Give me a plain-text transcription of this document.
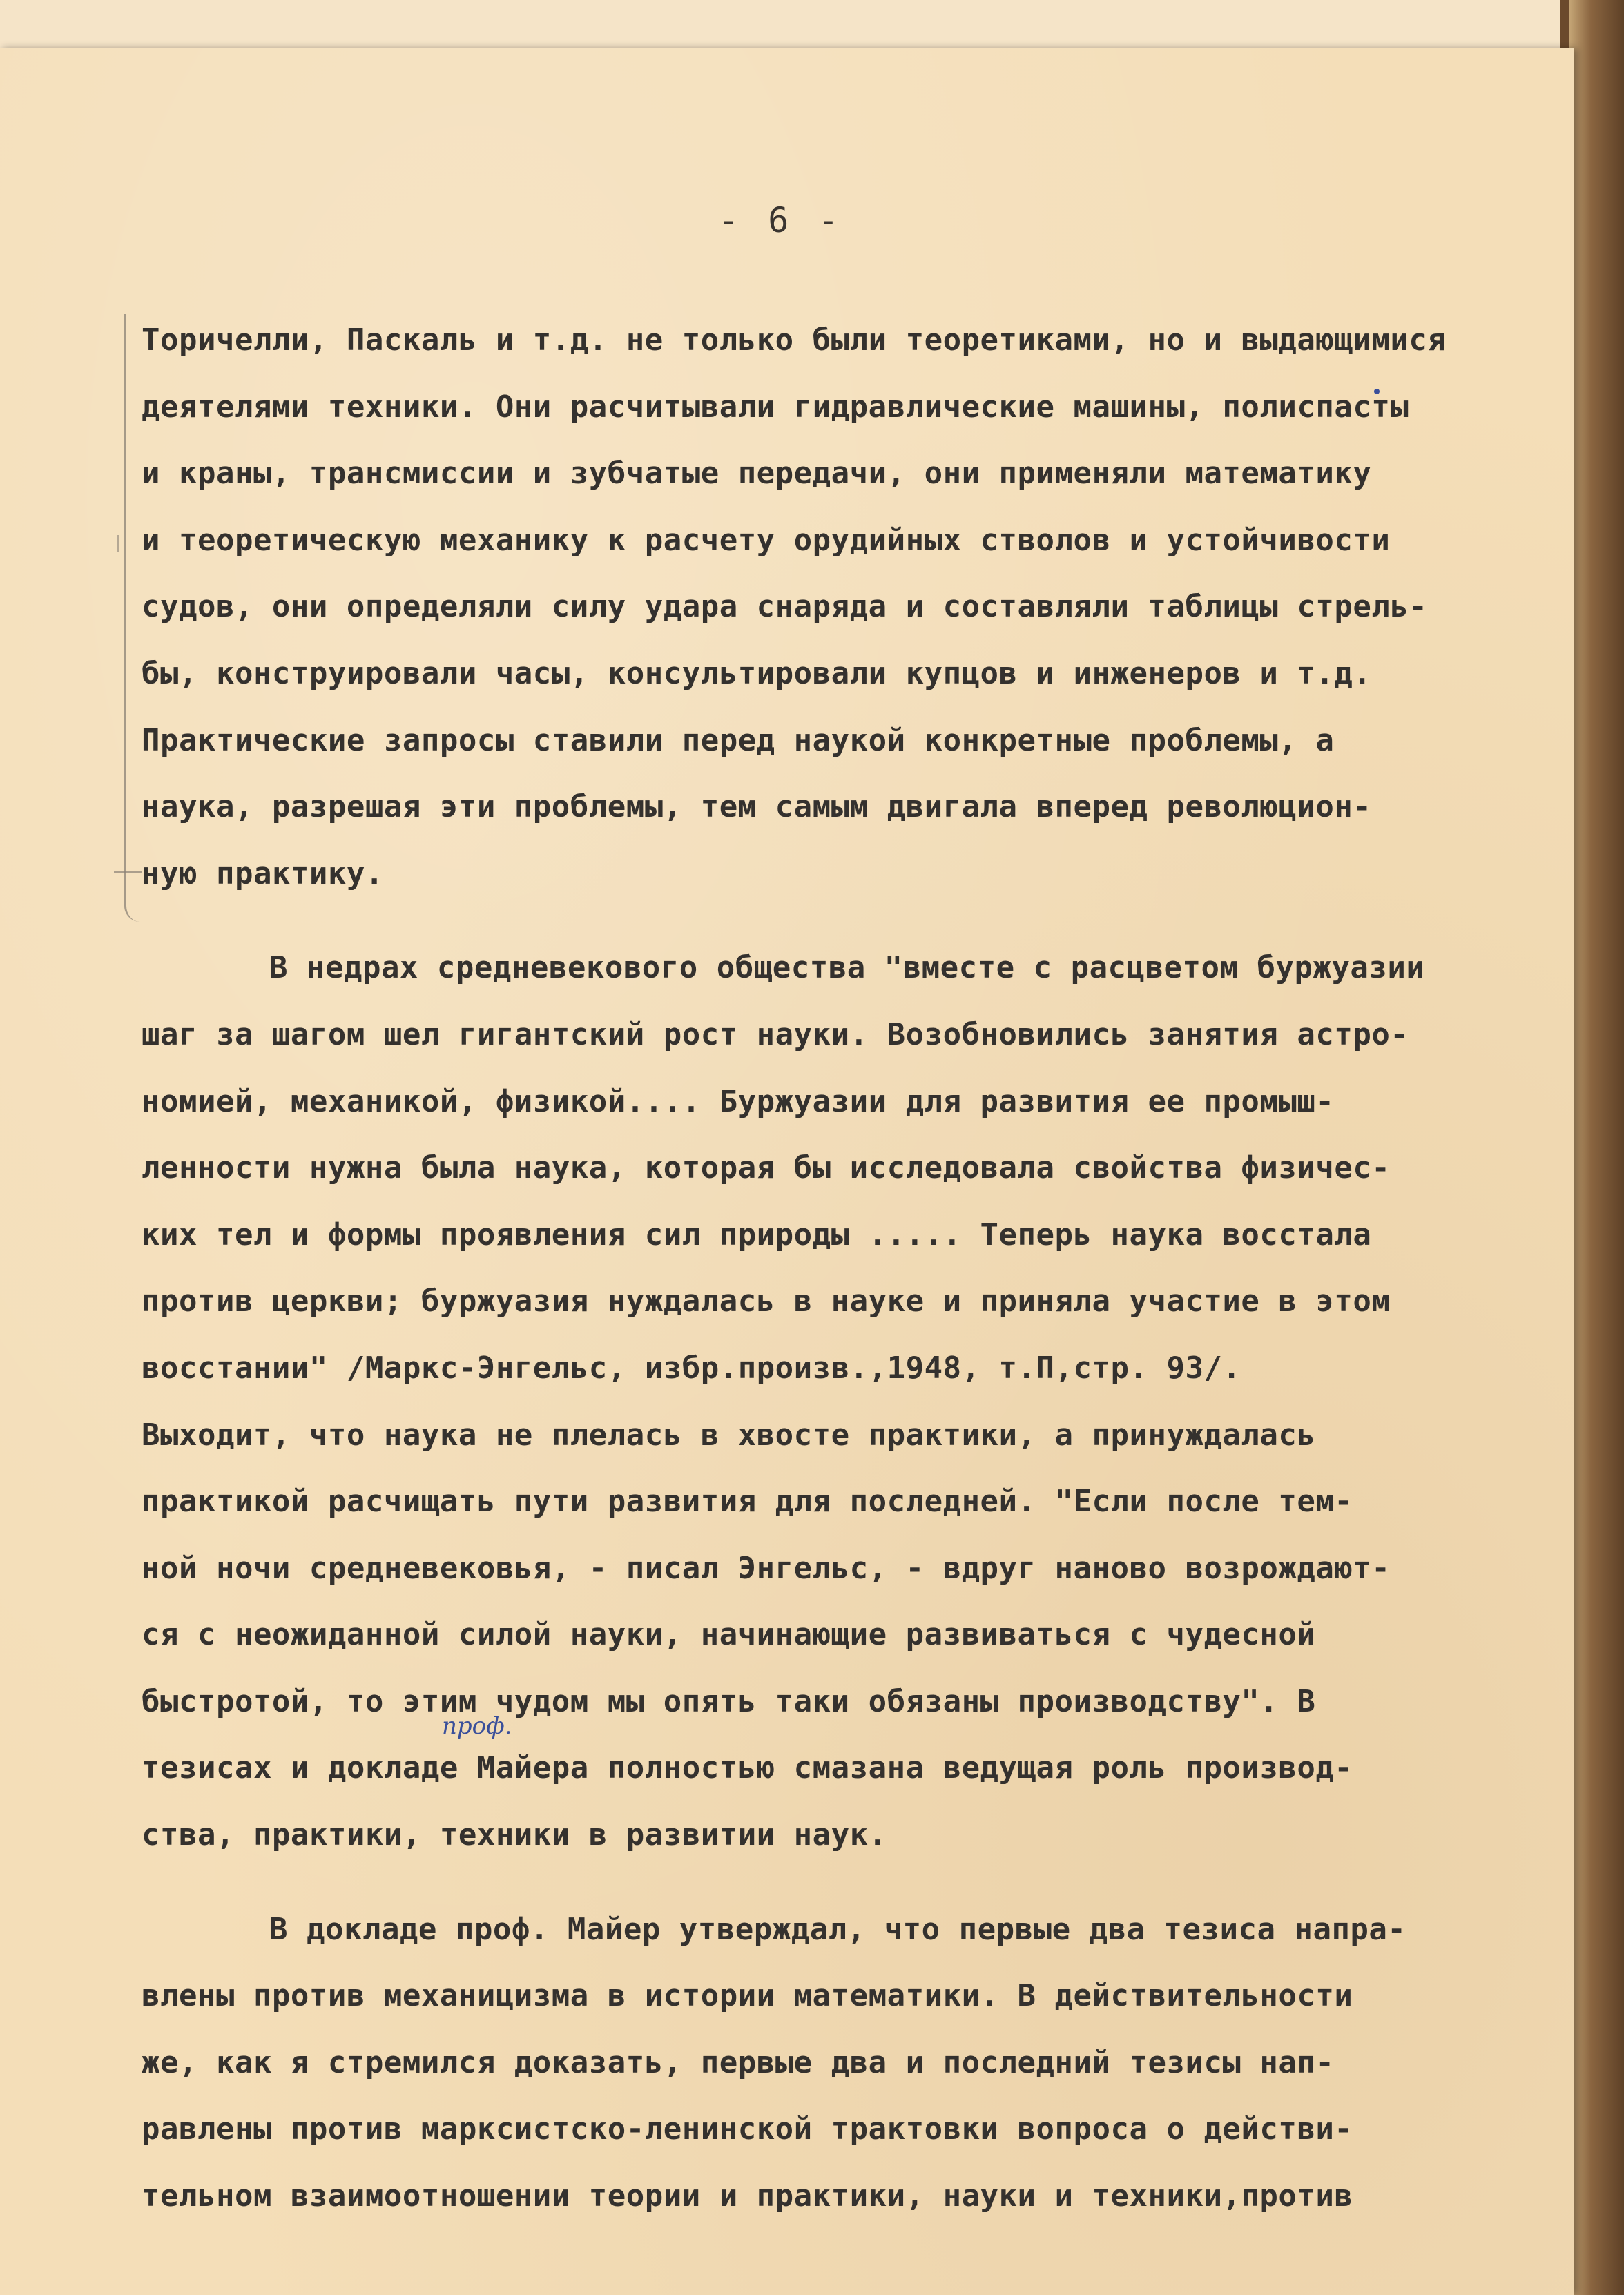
- 6 -
проф.
Торичелли, Паскаль и т.д. не только были теоретиками, но и выдающимися
деятелями техники. Они расчитывали гидравлические машины, полиспасты
и краны, трансмиссии и зубчатые передачи, они применяли математику
и теоретическую механику к расчету орудийных стволов и устойчивости
судов, они определяли силу удара снаряда и составляли таблицы стрель-
бы, конструировали часы, консультировали купцов и инженеров и т.д.
Практические запросы ставили перед наукой конкретные проблемы, а
наука, разрешая эти проблемы, тем самым двигала вперед революцион-
ную практику.
В недрах средневекового общества "вместе с расцветом буржуазии
шаг за шагом шел гигантский рост науки. Возобновились занятия астро-
номией, механикой, физикой.... Буржуазии для развития ее промыш-
ленности нужна была наука, которая бы исследовала свойства физичес-
ких тел и формы проявления сил природы ..... Теперь наука восстала
против церкви; буржуазия нуждалась в науке и приняла участие в этом
восстании" /Маркс-Энгельс, избр.произв.,1948, т.П,стр. 93/.
Выходит, что наука не плелась в хвосте практики, а принуждалась
практикой расчищать пути развития для последней. "Если после тем-
ной ночи средневековья, - писал Энгельс, - вдруг наново возрождают-
ся с неожиданной силой науки, начинающие развиваться с чудесной
быстротой, то этим чудом мы опять таки обязаны производству". В
тезисах и докладе Майера полностью смазана ведущая роль производ-
ства, практики, техники в развитии наук.
В докладе проф. Майер утверждал, что первые два тезиса напра-
влены против механицизма в истории математики. В действительности
же, как я стремился доказать, первые два и последний тезисы нап-
равлены против марксистско-ленинской трактовки вопроса о действи-
тельном взаимоотношении теории и практики, науки и техники,против
